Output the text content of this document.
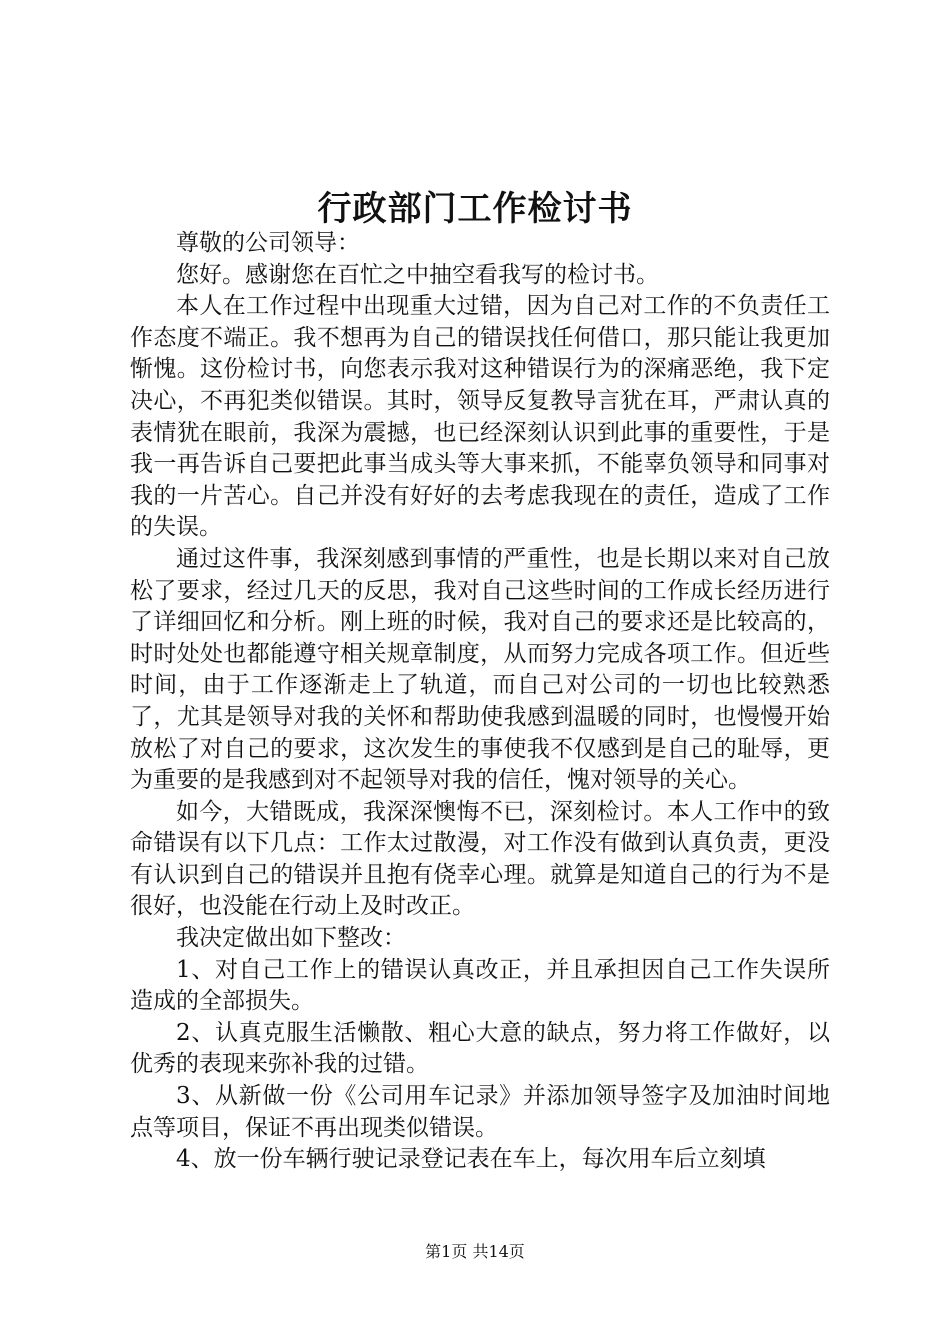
行政部门工作检讨书

尊敬的公司领导：

您好。感谢您在百忙之中抽空看我写的检讨书。

本人在工作过程中出现重大过错，因为自己对工作的不负责任工作态度不端正。我不想再为自己的错误找任何借口，那只能让我更加惭愧。这份检讨书，向您表示我对这种错误行为的深痛恶绝，我下定决心，不再犯类似错误。其时，领导反复教导言犹在耳，严肃认真的表情犹在眼前，我深为震撼，也已经深刻认识到此事的重要性，于是我一再告诉自己要把此事当成头等大事来抓，不能辜负领导和同事对我的一片苦心。自己并没有好好的去考虑我现在的责任，造成了工作的失误。

通过这件事，我深刻感到事情的严重性，也是长期以来对自己放松了要求，经过几天的反思，我对自己这些时间的工作成长经历进行了详细回忆和分析。刚上班的时候，我对自己的要求还是比较高的，时时处处也都能遵守相关规章制度，从而努力完成各项工作。但近些时间，由于工作逐渐走上了轨道，而自己对公司的一切也比较熟悉了，尤其是领导对我的关怀和帮助使我感到温暖的同时，也慢慢开始放松了对自己的要求，这次发生的事使我不仅感到是自己的耻辱，更为重要的是我感到对不起领导对我的信任，愧对领导的关心。

如今，大错既成，我深深懊悔不已，深刻检讨。本人工作中的致命错误有以下几点：工作太过散漫，对工作没有做到认真负责，更没有认识到自己的错误并且抱有侥幸心理。就算是知道自己的行为不是很好，也没能在行动上及时改正。

我决定做出如下整改：

1、对自己工作上的错误认真改正，并且承担因自己工作失误所造成的全部损失。

2、认真克服生活懒散、粗心大意的缺点，努力将工作做好，以优秀的表现来弥补我的过错。

3、从新做一份《公司用车记录》并添加领导签字及加油时间地点等项目，保证不再出现类似错误。

4、放一份车辆行驶记录登记表在车上，每次用车后立刻填

第1页 共14页
